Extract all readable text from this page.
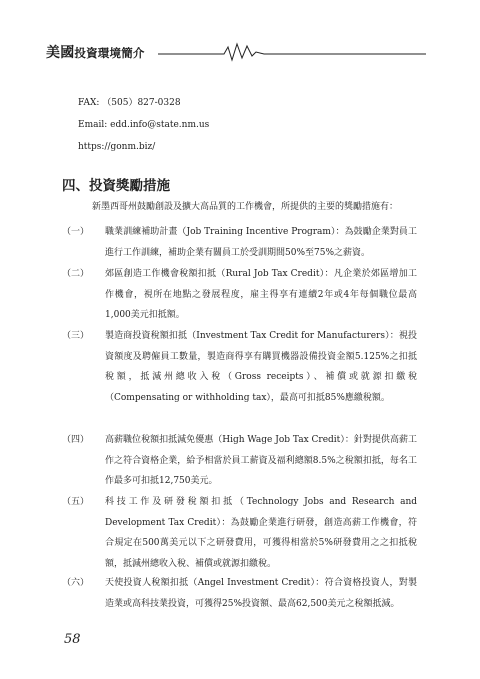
美國投資環境簡介
FAX: （505）827-0328
Email: edd.info@state.nm.us
https://gonm.biz/
四、投資獎勵措施
新墨西哥州鼓勵創設及擴大高品質的工作機會，所提供的主要的獎勵措施有：
（一） 職業訓練補助計畫（Job Training Incentive Program）：為鼓勵企業對員工進行工作訓練，補助企業有關員工於受訓期間50%至75%之薪資。
（二） 郊區創造工作機會稅額扣抵（Rural Job Tax Credit）：凡企業於郊區增加工作機會，視所在地點之發展程度，雇主得享有連續2年或4年每個職位最高1,000美元扣抵額。
（三） 製造商投資稅額扣抵（Investment Tax Credit for Manufacturers）：視投資額度及聘僱員工數量，製造商得享有購買機器設備投資金額5.125%之扣抵稅額，抵減州總收入稅（Gross receipts）、補償或就源扣繳稅（Compensating or withholding tax），最高可扣抵85%應繳稅額。
（四） 高薪職位稅額扣抵減免優惠（High Wage Job Tax Credit）：針對提供高薪工作之符合資格企業，給予相當於員工薪資及福利總額8.5%之稅額扣抵，每名工作最多可扣抵12,750美元。
（五） 科技工作及研發稅額扣抵（Technology Jobs and Research and Development Tax Credit）：為鼓勵企業進行研發，創造高薪工作機會，符合規定在500萬美元以下之研發費用，可獲得相當於5%研發費用之之扣抵稅額，抵減州總收入稅、補償或就源扣繳稅。
（六） 天使投資人稅額扣抵（Angel Investment Credit）：符合資格投資人，對製造業或高科技業投資，可獲得25%投資額、最高62,500美元之稅額抵減。
58
